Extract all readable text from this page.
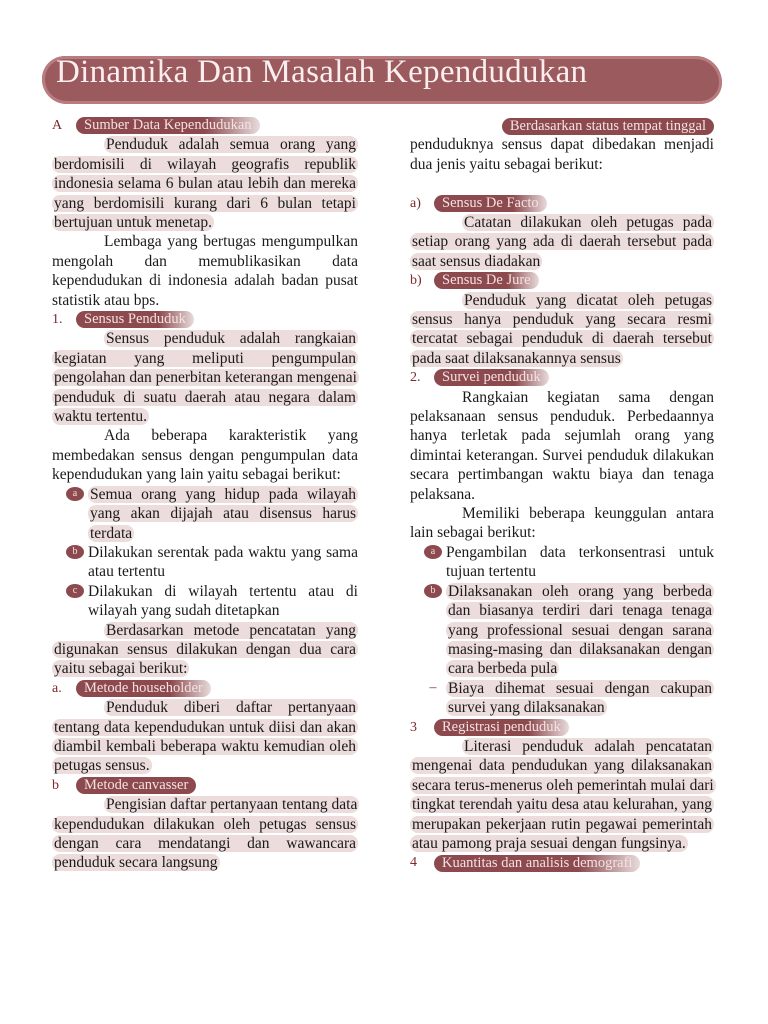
Dinamika Dan Masalah Kependudukan
A	Sumber Data Kependudukan

Penduduk adalah semua orang yang berdomisili di wilayah geografis republik indonesia selama 6 bulan atau lebih dan mereka yang berdomisili kurang dari 6 bulan tetapi bertujuan untuk menetap.

Lembaga yang bertugas mengumpulkan mengolah dan memublikasikan data kependudukan di indonesia adalah badan pusat statistik atau bps.

1.	Sensus Penduduk

Sensus penduduk adalah rangkaian kegiatan yang meliputi pengumpulan pengolahan dan penerbitan keterangan mengenai penduduk di suatu daerah atau negara dalam waktu tertentu.

Ada beberapa karakteristik yang membedakan sensus dengan pengumpulan data kependudukan yang lain yaitu sebagai berikut:

a Semua orang yang hidup pada wilayah yang akan dijajah atau disensus harus terdata
b Dilakukan serentak pada waktu yang sama atau tertentu
c Dilakukan di wilayah tertentu atau di wilayah yang sudah ditetapkan

Berdasarkan metode pencatatan yang digunakan sensus dilakukan dengan dua cara yaitu sebagai berikut:

a.	Metode householder

Penduduk diberi daftar pertanyaan tentang data kependudukan untuk diisi dan akan diambil kembali beberapa waktu kemudian oleh petugas sensus.

b	Metode canvasser

Pengisian daftar pertanyaan tentang data kependudukan dilakukan oleh petugas sensus dengan cara mendatangi dan wawancara penduduk secara langsung

Berdasarkan status tempat tinggal

penduduknya sensus dapat dibedakan menjadi dua jenis yaitu sebagai berikut:

a)	Sensus De Facto

Catatan dilakukan oleh petugas pada setiap orang yang ada di daerah tersebut pada saat sensus diadakan

b)	Sensus De Jure

Penduduk yang dicatat oleh petugas sensus hanya penduduk yang secara resmi tercatat sebagai penduduk di daerah tersebut pada saat dilaksanakannya sensus

2.	Survei penduduk

Rangkaian kegiatan sama dengan pelaksanaan sensus penduduk. Perbedaannya hanya terletak pada sejumlah orang yang dimintai keterangan. Survei penduduk dilakukan secara pertimbangan waktu biaya dan tenaga pelaksana.

Memiliki beberapa keunggulan antara lain sebagai berikut:

a Pengambilan data terkonsentrasi untuk tujuan tertentu
b Dilaksanakan oleh orang yang berbeda dan biasanya terdiri dari tenaga tenaga yang professional sesuai dengan sarana masing-masing dan dilaksanakan dengan cara berbeda pula
– Biaya dihemat sesuai dengan cakupan survei yang dilaksanakan
3	Registrasi penduduk

Literasi penduduk adalah pencatatan mengenai data pendudukan yang dilaksanakan secara terus-menerus oleh pemerintah mulai dari tingkat terendah yaitu desa atau kelurahan, yang merupakan pekerjaan rutin pegawai pemerintah atau pamong praja sesuai dengan fungsinya.

4	Kuantitas dan analisis demografi
